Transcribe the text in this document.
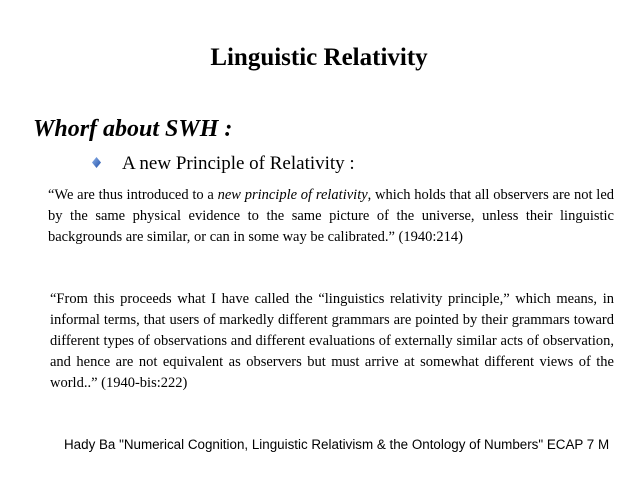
Linguistic Relativity
Whorf about SWH :
A new Principle of Relativity :
“We are thus introduced to a new principle of relativity, which holds that all observers are not led by the same physical evidence to the same picture of the universe, unless their linguistic backgrounds are similar, or can in some way be calibrated.” (1940:214)
“From this proceeds what I have called the “linguistics relativity principle,” which means, in informal terms, that users of markedly different grammars are pointed by their grammars toward different types of observations and different evaluations of externally similar acts of observation, and hence are not equivalent as observers but must arrive at somewhat different views of the world..” (1940-bis:222)
Hady Ba "Numerical Cognition, Linguistic Relativism & the Ontology of Numbers" ECAP 7 M
